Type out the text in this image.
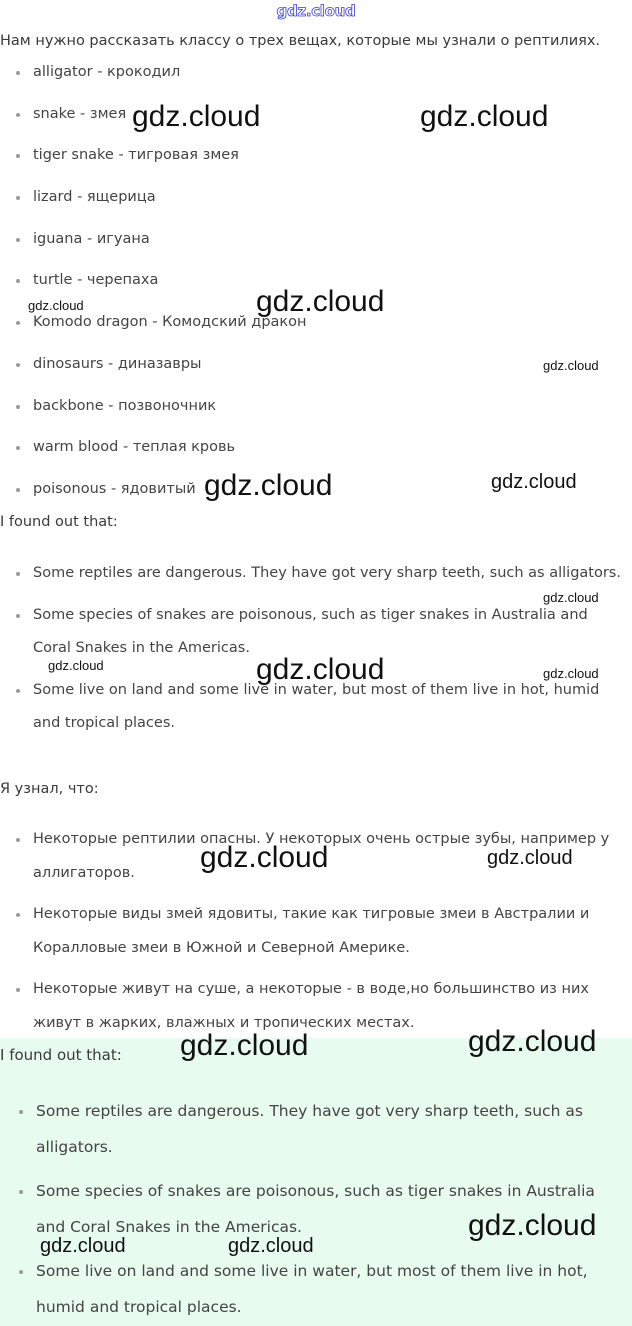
gdz.cloud

Нам нужно рассказать классу о трех вещах, которые мы узнали о рептилиях.

alligator - крокодил
snake - змея
tiger snake - тигровая змея
lizard - ящерица
iguana - игуана
turtle - черепаха
Komodo dragon - Комодский дракон
dinosaurs - диназавры
backbone - позвоночник
warm blood - теплая кровь
poisonous - ядовитый

I found out that:

Some reptiles are dangerous. They have got very sharp teeth, such as alligators.
Some species of snakes are poisonous, such as tiger snakes in Australia and Coral Snakes in the Americas.
Some live on land and some live in water, but most of them live in hot, humid and tropical places.

Я узнал, что:

Некоторые рептилии опасны. У некоторых очень острые зубы, например у аллигаторов.
Некоторые виды змей ядовиты, такие как тигровые змеи в Австралии и Коралловые змеи в Южной и Северной Америке.
Некоторые живут на суше, а некоторые - в воде,но большинство из них живут в жарких, влажных и тропических местах.

I found out that:

Some reptiles are dangerous. They have got very sharp teeth, such as alligators.
Some species of snakes are poisonous, such as tiger snakes in Australia and Coral Snakes in the Americas.
Some live on land and some live in water, but most of them live in hot, humid and tropical places.
gdz.cloud	gdz.cloud
gdz.cloud	gdz.cloud
gdz.cloud
gdz.cloud	gdz.cloud
gdz.cloud
gdz.cloud	gdz.cloud	gdz.cloud
gdz.cloud	gdz.cloud
gdz.cloud	gdz.cloud
gdz.cloud
gdz.cloud	gdz.cloud
